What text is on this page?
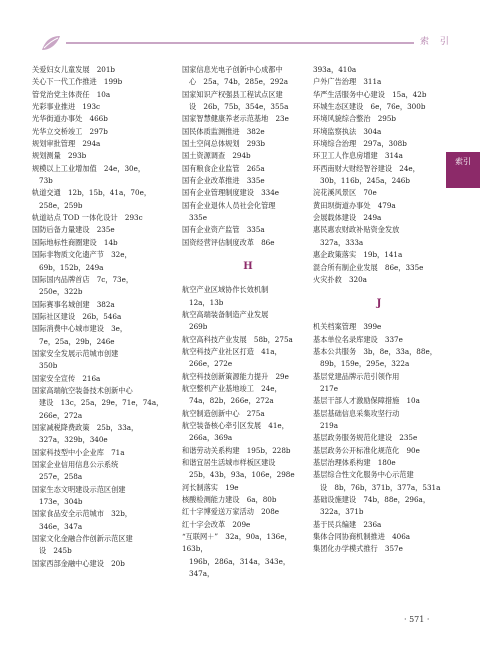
索 引
索引
关爱妇女儿童发展　201b
关心下一代工作推进　199b
管党治党主体责任　10a
光彩事业推进　193c
光华街道办事处　466b
光华立交桥竣工　297b
规划审批管理　294a
规划测量　293b
规模以上工业增加值　24e，30e，
73b
轨道交通　12b，15b，41a，70e，
258e，259b
轨道站点 TOD 一体化设计　293c
国防后备力量建设　235e
国际地标性商圈建设　14b
国际非物质文化遗产节　32e，
69b，152b，249a
国际国内品牌首店　7c，73e，
250e，322b
国际赛事名城创建　382a
国际社区建设　26b，546a
国际消费中心城市建设　3e，
7e，25a，29b，246e
国家安全发展示范城市创建
350b
国家安全宣传　216a
国家高端航空装备技术创新中心
建设　13c，25a，29e，71e，74a，266e，272a
国家减税降费政策　25b，33a，
327a，329b，340e
国家科技型中小企业库　71a
国家企业信用信息公示系统
257e，258a
国家生态文明建设示范区创建
173e，304b
国家食品安全示范城市　32b，
346e，347a
国家文化金融合作创新示范区建
设　245b
国家西部金融中心建设　20b
国家信息光电子创新中心成都中
心　25a，74b，285e，292a
国家知识产权强县工程试点区建
设　26b，75b，354e，355a
国家智慧健康养老示范基地　23e
国民体质监测推进　382e
国土空间总体规划　293b
国土资源调查　294b
国有粮食企业监管　265a
国有企业改革推进　335e
国有企业管理制度建设　334e
国有企业退休人员社会化管理
335e
国有企业资产监管　335a
国资经营评估制度改革　86e
H
航空产业区域协作长效机制
12a，13b
航空高端装备制造产业发展
269b
航空高科技产业发展　58b，275a
航空科技产业社区打造　41a，
266e，272e
航空科技创新策源能力提升　29e
航空整机产业基地竣工　24e，
74a，82b，266e，272a
航空制造创新中心　275a
航空装备核心牵引区发展　41e，
266a，369a
和谐劳动关系构建　195b，228b
和谐宜居生活城市样板区建设
25b，43b，93a，106e，298e
河长制落实　19e
核酸检测能力建设　6a，80b
红十字博爱送万家活动　208e
红十字会改革　209e
“互联网＋”　32a，90a，136e，163b，
196b，286a，314a，343e，347a，
393a，410a
户外广告治理　311a
华严生活服务中心建设　15a，42b
环城生态区建设　6e，76e，300b
环境风貌综合整治　295b
环境监察执法　304a
环境综合治理　297a，308b
环卫工人作息房增建　314a
环西南财大财经智谷建设　24e，
30b，116b，245a，246b
浣花溪风景区　70e
黄田坝街道办事处　479a
会展载体建设　249a
惠民惠农财政补贴资金发放
327a，333a
惠企政策落实　19b，141a
混合所有制企业发展　86e，335e
火灾扑救　320a
J
机关档案管理　399e
基本单位名录库建设　337e
基本公共服务　3b，8e，33a，88e，
89b，159e，295e，322a
基层党建品牌示范引领作用
217e
基层干部人才激励保障措施　10a
基层基础信息采集攻坚行动
219a
基层政务服务规范化建设　235e
基层政务公开标准化规范化　90e
基层治理体系构建　180e
基层综合性文化服务中心示范建
设　8b，76b，371b，377a，531a
基础设施建设　74b，88e，296a，
322a，371b
基于民兵编建　236a
集体合同协商机制推进　406a
集团化办学模式推行　357e
· 571 ·
